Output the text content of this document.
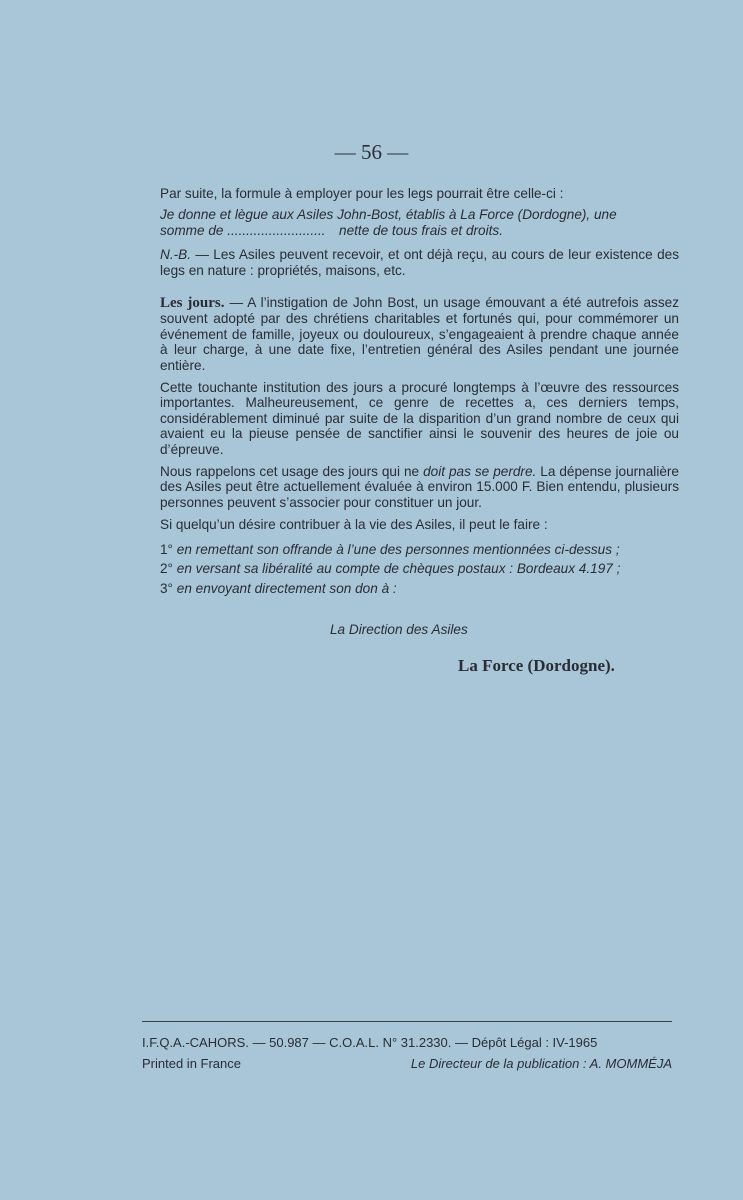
— 56 —

Par suite, la formule à employer pour les legs pourrait être celle-ci :

Je donne et lègue aux Asiles John-Bost, établis à La Force (Dordogne), une
somme de .......................... nette de tous frais et droits.

N.-B. — Les Asiles peuvent recevoir, et ont déjà reçu, au cours de leur existence des legs en nature : propriétés, maisons, etc.

Les jours. — A l’instigation de John Bost, un usage émouvant a été autrefois assez souvent adopté par des chrétiens charitables et fortunés qui, pour commémorer un événement de famille, joyeux ou douloureux, s’engageaient à prendre chaque année à leur charge, à une date fixe, l’entretien général des Asiles pendant une journée entière.

Cette touchante institution des jours a procuré longtemps à l’œuvre des ressources importantes. Malheureusement, ce genre de recettes a, ces derniers temps, considérablement diminué par suite de la disparition d’un grand nombre de ceux qui avaient eu la pieuse pensée de sanctifier ainsi le souvenir des heures de joie ou d’épreuve.

Nous rappelons cet usage des jours qui ne doit pas se perdre. La dépense journalière des Asiles peut être actuellement évaluée à environ 15.000 F. Bien entendu, plusieurs personnes peuvent s’associer pour constituer un jour.

Si quelqu’un désire contribuer à la vie des Asiles, il peut le faire :

1° en remettant son offrande à l’une des personnes mentionnées ci-dessus ;

2° en versant sa libéralité au compte de chèques postaux : Bordeaux 4.197 ;

3° en envoyant directement son don à :

La Direction des Asiles
La Force (Dordogne).
I.F.Q.A.-CAHORS. — 50.987 — C.O.A.L. N° 31.2330. — Dépôt Légal : IV-1965
Printed in France	Le Directeur de la publication : A. MOMMÉJA
